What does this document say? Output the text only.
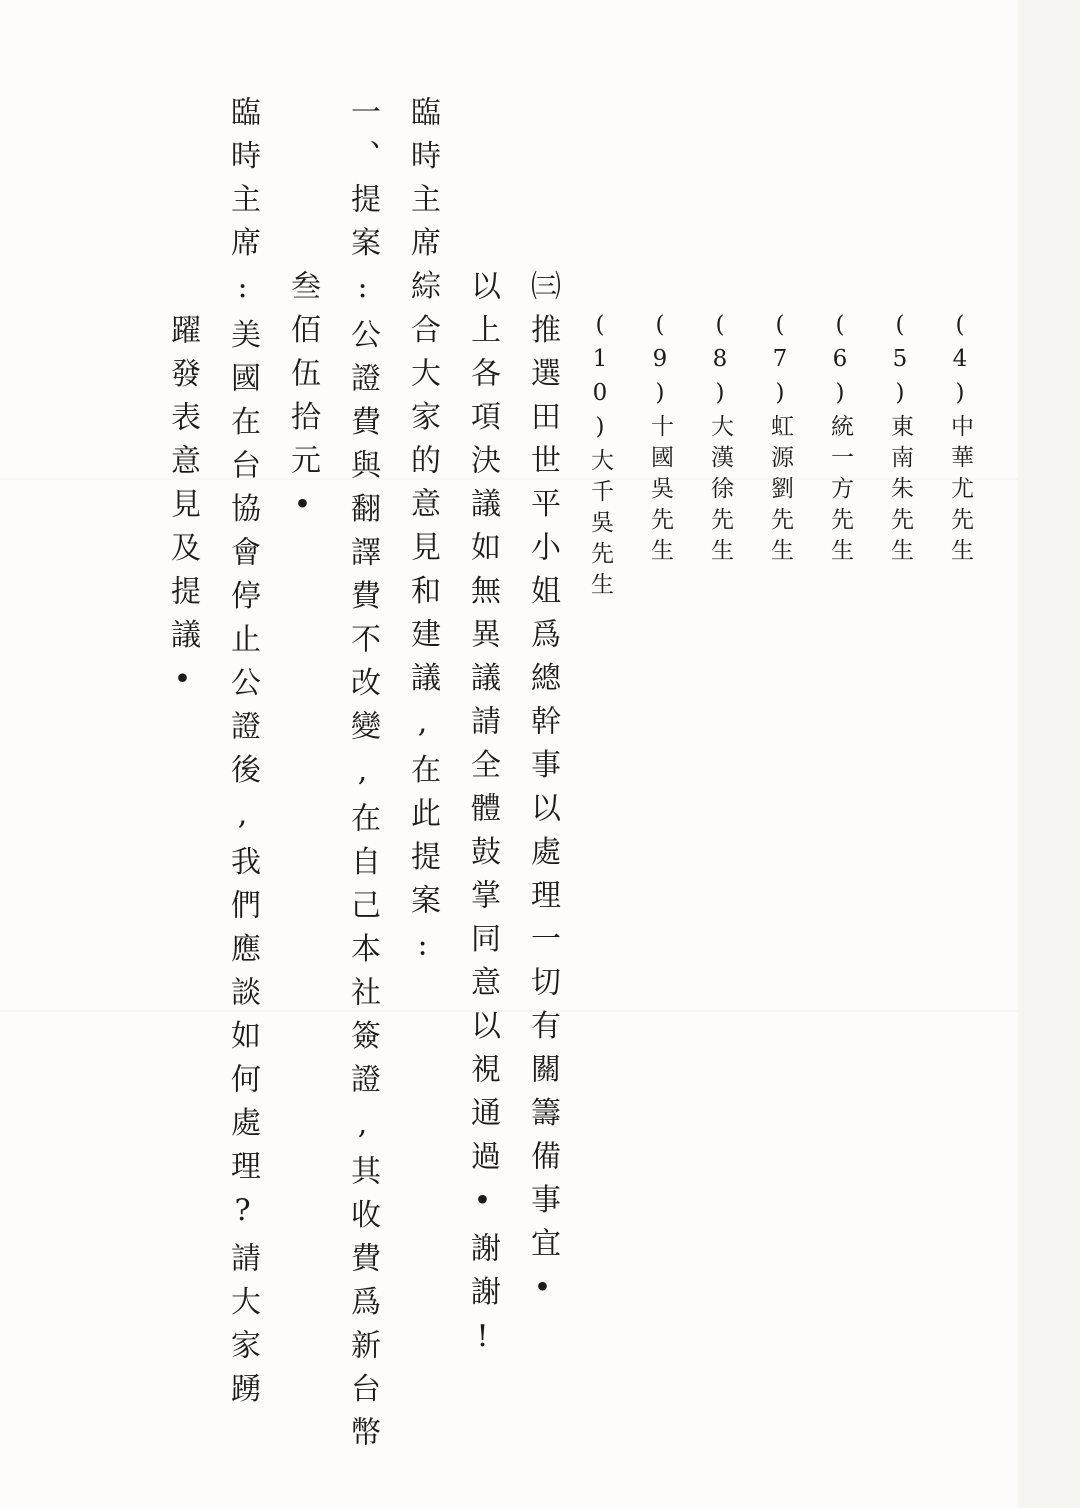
(4)中華尤先生
(5)東南朱先生
(6)統一方先生
(7)虹源劉先生
(8)大漢徐先生
(9)十國吳先生
(10)大千吳先生
㈢推選田世平小姐爲總幹事以處理一切有關籌備事宜•
以上各項決議如無異議請全體鼓掌同意以視通過•謝謝!
臨時主席綜合大家的意見和建議,在此提案:
一、提案:公證費與翻譯費不改變,在自己本社簽證,其收費爲新台幣
叁佰伍拾元•
臨時主席:美國在台協會停止公證後,我們應談如何處理?請大家踴
躍發表意見及提議•
